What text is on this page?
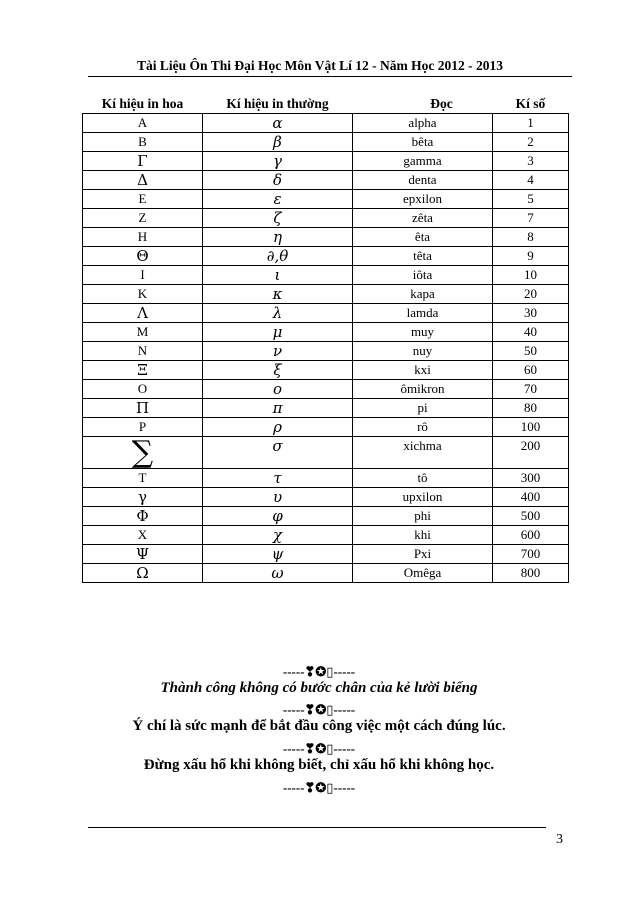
Tài Liệu Ôn Thi Đại Học Môn Vật Lí 12 - Năm Học 2012 - 2013
Kí hiệu in hoa	Kí hiệu in thường	Đọc	Kí số
A	α	alpha	1
B	β	bêta	2
Γ	γ	gamma	3
Δ	δ	denta	4
E	ε	epxilon	5
Z	ζ	zêta	7
H	η	êta	8
Θ	∂,θ	têta	9
I	ι	iôta	10
K	κ	kapa	20
Λ	λ	lamda	30
M	μ	muy	40
N	ν	nuy	50
Ξ	ξ	kxi	60
O	ο	ômikron	70
Π	π	pi	80
P	ρ	rô	100
∑	σ	xichma	200
T	τ	tô	300
γ	υ	upxilon	400
Φ	φ	phi	500
X	χ	khi	600
Ψ	ψ	Pxi	700
Ω	ω	Omêga	800
-----❣✪▯-----
Thành công không có bước chân của kẻ lười biếng
-----❣✪▯-----
Ý chí là sức mạnh để bắt đầu công việc một cách đúng lúc.
-----❣✪▯-----
Đừng xấu hổ khi không biết, chỉ xấu hổ khi không học.
-----❣✪▯-----
3
